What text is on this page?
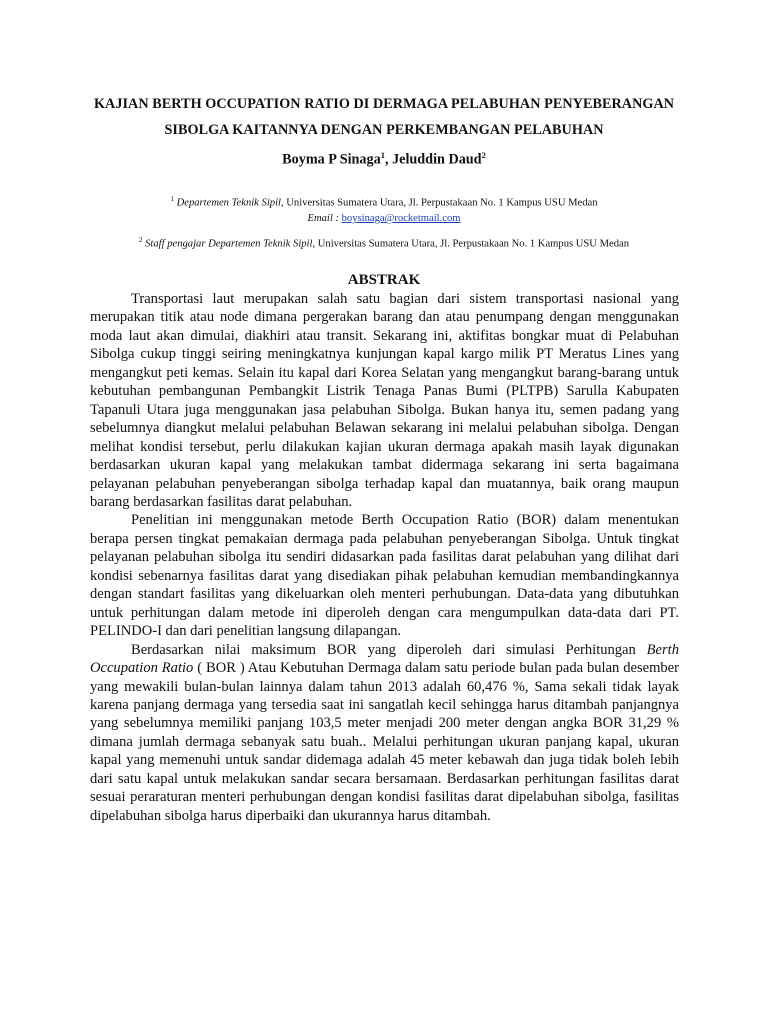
KAJIAN BERTH OCCUPATION RATIO DI DERMAGA PELABUHAN PENYEBERANGAN
SIBOLGA KAITANNYA DENGAN PERKEMBANGAN PELABUHAN
Boyma P Sinaga$^1$, Jeluddin Daud$^2$
$^1$ Departemen Teknik Sipil, Universitas Sumatera Utara, Jl. Perpustakaan No. 1 Kampus USU Medan
Email : boysinaga@rocketmail.com
$^2$ Staff pengajar Departemen Teknik Sipil, Universitas Sumatera Utara, Jl. Perpustakaan No. 1 Kampus USU Medan
ABSTRAK

Transportasi laut merupakan salah satu bagian dari sistem transportasi nasional yang merupakan titik atau node dimana pergerakan barang dan atau penumpang dengan menggunakan moda laut akan dimulai, diakhiri atau transit. Sekarang ini, aktifitas bongkar muat di Pelabuhan Sibolga cukup tinggi seiring meningkatnya kunjungan kapal kargo milik PT Meratus Lines yang mengangkut peti kemas. Selain itu kapal dari Korea Selatan yang mengangkut barang-barang untuk kebutuhan pembangunan Pembangkit Listrik Tenaga Panas Bumi (PLTPB) Sarulla Kabupaten Tapanuli Utara juga menggunakan jasa pelabuhan Sibolga. Bukan hanya itu, semen padang yang sebelumnya diangkut melalui pelabuhan Belawan sekarang ini melalui pelabuhan sibolga. Dengan melihat kondisi tersebut, perlu dilakukan kajian ukuran dermaga apakah masih layak digunakan berdasarkan ukuran kapal yang melakukan tambat didermaga sekarang ini serta bagaimana pelayanan pelabuhan penyeberangan sibolga terhadap kapal dan muatannya, baik orang maupun barang berdasarkan fasilitas darat pelabuhan.

Penelitian ini menggunakan metode Berth Occupation Ratio (BOR) dalam menentukan berapa persen tingkat pemakaian dermaga pada pelabuhan penyeberangan Sibolga. Untuk tingkat pelayanan pelabuhan sibolga itu sendiri didasarkan pada fasilitas darat pelabuhan yang dilihat dari kondisi sebenarnya fasilitas darat yang disediakan pihak pelabuhan kemudian membandingkannya dengan standart fasilitas yang dikeluarkan oleh menteri perhubungan. Data-data yang dibutuhkan untuk perhitungan dalam metode ini diperoleh dengan cara mengumpulkan data-data dari PT. PELINDO-I dan dari penelitian langsung dilapangan.

Berdasarkan nilai maksimum BOR yang diperoleh dari simulasi Perhitungan Berth Occupation Ratio ( BOR ) Atau Kebutuhan Dermaga dalam satu periode bulan pada bulan desember yang mewakili bulan-bulan lainnya dalam tahun 2013 adalah 60,476 %, Sama sekali tidak layak karena panjang dermaga yang tersedia saat ini sangatlah kecil sehingga harus ditambah panjangnya yang sebelumnya memiliki panjang 103,5 meter menjadi 200 meter dengan angka BOR 31,29 % dimana jumlah dermaga sebanyak satu buah.. Melalui perhitungan ukuran panjang kapal, ukuran kapal yang memenuhi untuk sandar didemaga adalah 45 meter kebawah dan juga tidak boleh lebih dari satu kapal untuk melakukan sandar secara bersamaan. Berdasarkan perhitungan fasilitas darat sesuai peraraturan menteri perhubungan dengan kondisi fasilitas darat dipelabuhan sibolga, fasilitas dipelabuhan sibolga harus diperbaiki dan ukurannya harus ditambah.
